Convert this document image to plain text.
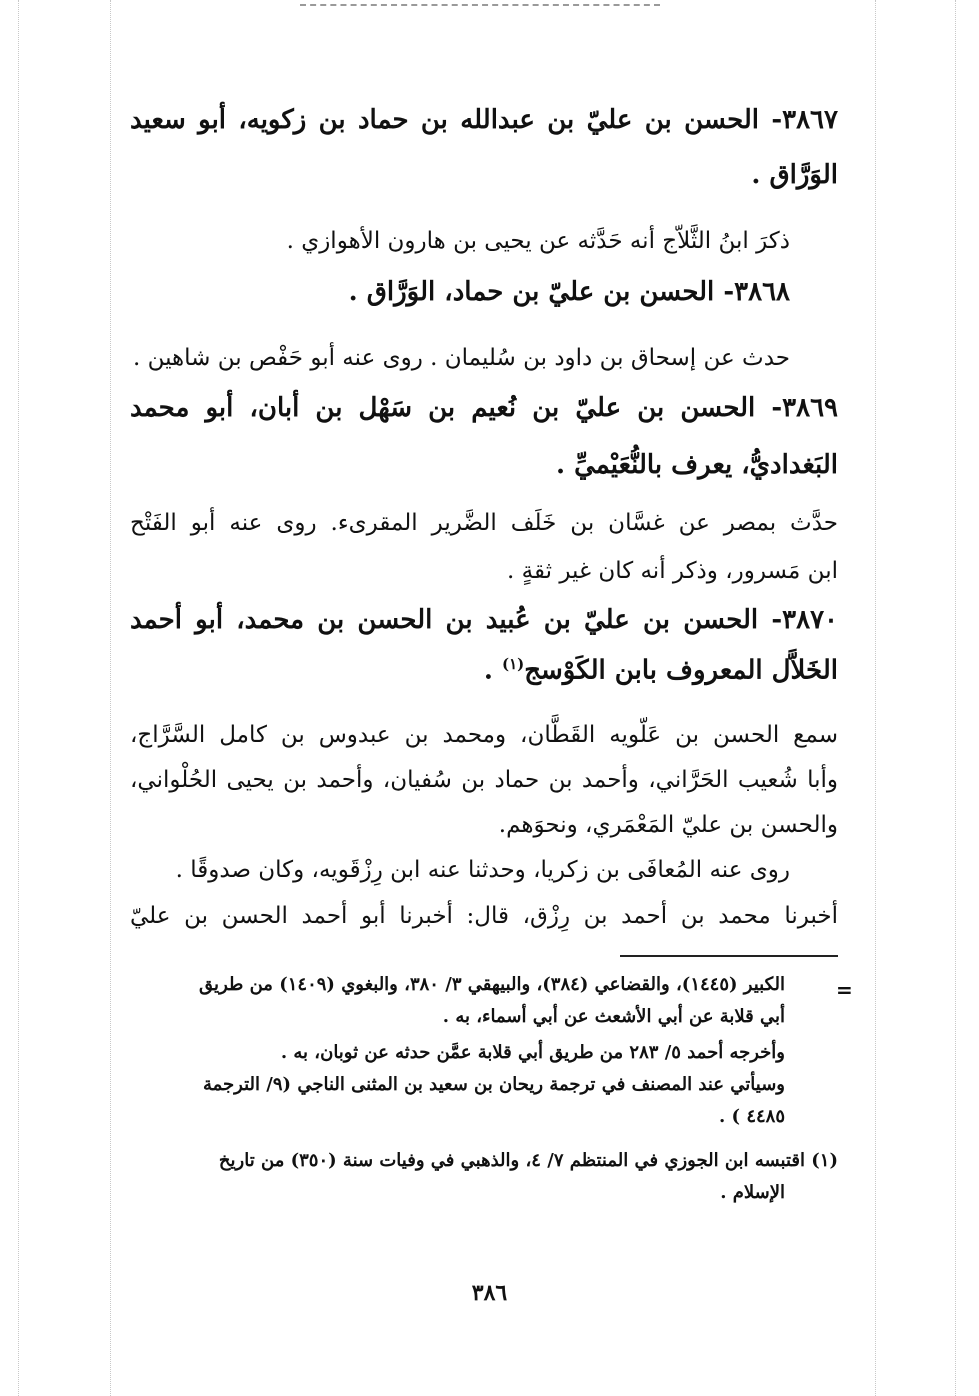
٣٨٦٧- الحسن بن عليّ بن عبدالله بن حماد بن زكويه، أبو سعيد
الوَرَّاق .
ذكرَ ابنُ الثَّلاّج أنه حَدَّثه عن يحيى بن هارون الأهوازي .
٣٨٦٨- الحسن بن عليّ بن حماد، الوَرَّاق .
حدث عن إسحاق بن داود بن سُليمان . روى عنه أبو حَفْص بن شاهين .
٣٨٦٩- الحسن بن عليّ بن نُعيم بن سَهْل بن أبان، أبو محمد
البَغداديُّ، يعرف بالنُّعَيْميِّ .
حدَّث بمصر عن غسَّان بن خَلَف الضَّرير المقرىء. روى عنه أبو الفَتْح
ابن مَسرور، وذكر أنه كان غير ثقةٍ .
٣٨٧٠- الحسن بن عليّ بن عُبيد بن الحسن بن محمد، أبو أحمد
الخَلاَّل المعروف بابن الكَوْسج$^{(١)}$ .
سمع الحسن بن عَلّويه القَطَّان، ومحمد بن عبدوس بن كامل السَّرَّاج،
وأبا شُعيب الحَرَّاني، وأحمد بن حماد بن سُفيان، وأحمد بن يحيى الحُلْواني،
والحسن بن عليّ المَعْمَري، ونحوَهم.
روى عنه المُعافَى بن زكريا، وحدثنا عنه ابن رِزْقَويه، وكان صدوقًا .
أخبرنا محمد بن أحمد بن رِزْق، قال: أخبرنا أبو أحمد الحسن بن عليّ
=
الكبير (١٤٤٥)، والقضاعي (٣٨٤)، والبيهقي ٣/ ٣٨٠، والبغوي (١٤٠٩) من طريق
أبي قلابة عن أبي الأشعث عن أبي أسماء، به .
وأخرجه أحمد ٥/ ٢٨٣ من طريق أبي قلابة عمَّن حدثه عن ثوبان، به .
وسيأتي عند المصنف في ترجمة ريحان بن سعيد بن المثنى الناجي (٩/ الترجمة
٤٤٨٥ ) .
(١) اقتبسه ابن الجوزي في المنتظم ٧/ ٤، والذهبي في وفيات سنة (٣٥٠) من تاريخ
الإسلام .
٣٨٦
